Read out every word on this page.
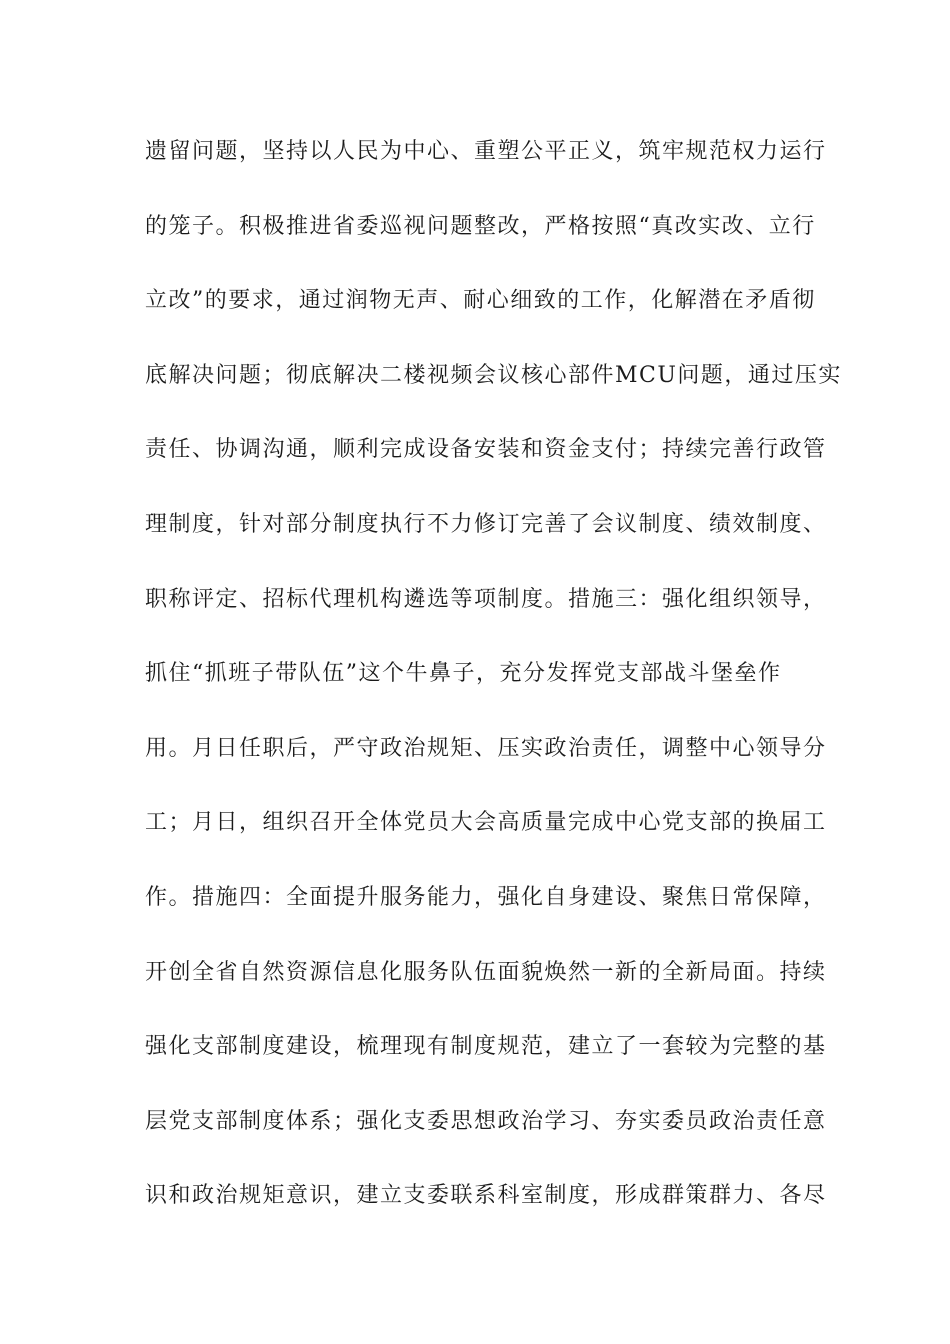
遗留问题，坚持以人民为中心、重塑公平正义，筑牢规范权力运行
的笼子。积极推进省委巡视问题整改，严格按照“真改实改、立行
立改”的要求，通过润物无声、耐心细致的工作，化解潜在矛盾彻
底解决问题；彻底解决二楼视频会议核心部件MCU问题，通过压实
责任、协调沟通，顺利完成设备安装和资金支付；持续完善行政管
理制度，针对部分制度执行不力修订完善了会议制度、绩效制度、
职称评定、招标代理机构遴选等项制度。措施三：强化组织领导，
抓住“抓班子带队伍”这个牛鼻子，充分发挥党支部战斗堡垒作
用。月日任职后，严守政治规矩、压实政治责任，调整中心领导分
工；月日，组织召开全体党员大会高质量完成中心党支部的换届工
作。措施四：全面提升服务能力，强化自身建设、聚焦日常保障，
开创全省自然资源信息化服务队伍面貌焕然一新的全新局面。持续
强化支部制度建设，梳理现有制度规范，建立了一套较为完整的基
层党支部制度体系；强化支委思想政治学习、夯实委员政治责任意
识和政治规矩意识，建立支委联系科室制度，形成群策群力、各尽
